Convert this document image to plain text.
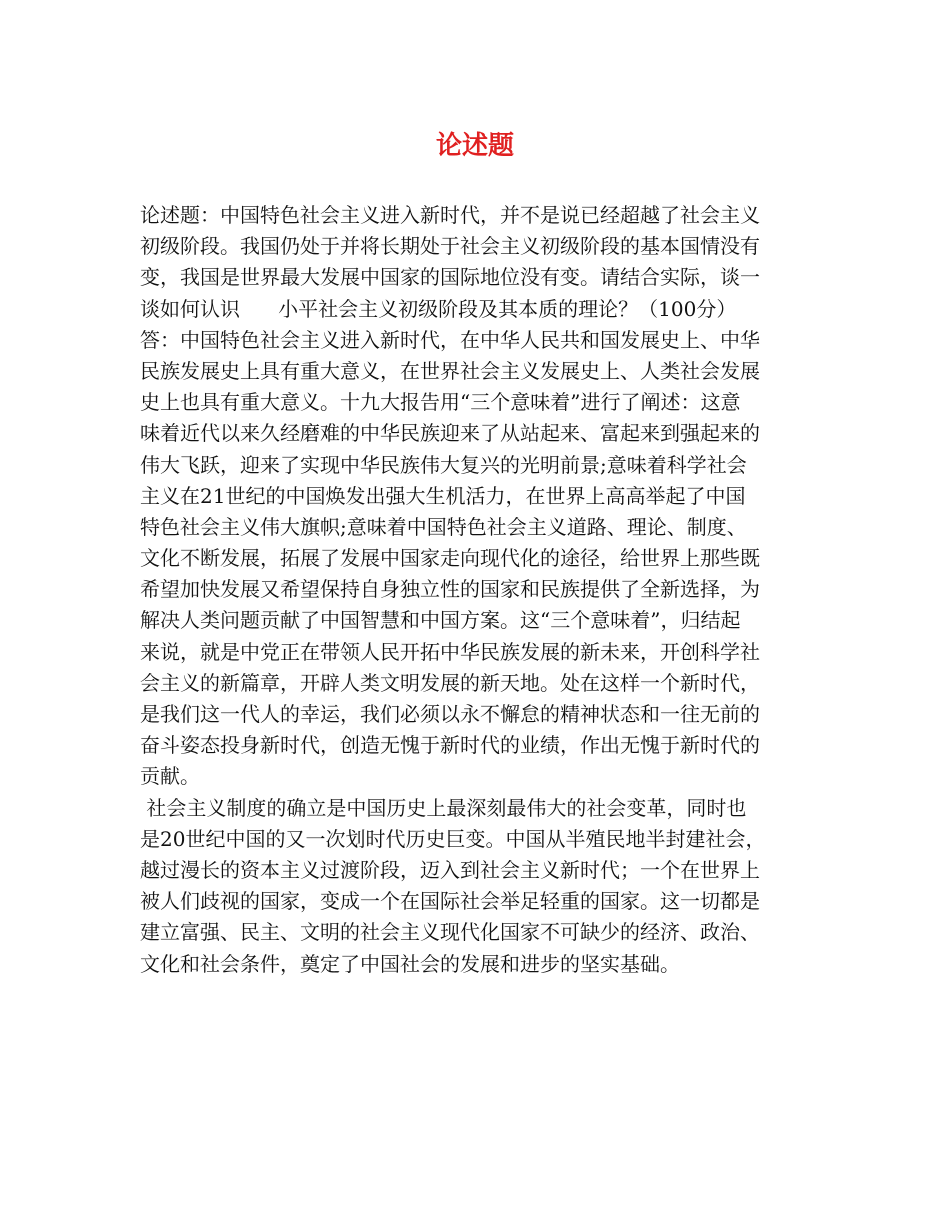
论述题
论述题：中国特色社会主义进入新时代，并不是说已经超越了社会主义
初级阶段。我国仍处于并将长期处于社会主义初级阶段的基本国情没有
变，我国是世界最大发展中国家的国际地位没有变。请结合实际，谈一
谈如何认识      小平社会主义初级阶段及其本质的理论？（100分）
答：中国特色社会主义进入新时代，在中华人民共和国发展史上、中华
民族发展史上具有重大意义，在世界社会主义发展史上、人类社会发展
史上也具有重大意义。十九大报告用“三个意味着”进行了阐述：这意
味着近代以来久经磨难的中华民族迎来了从站起来、富起来到强起来的
伟大飞跃，迎来了实现中华民族伟大复兴的光明前景;意味着科学社会
主义在21世纪的中国焕发出强大生机活力，在世界上高高举起了中国
特色社会主义伟大旗帜;意味着中国特色社会主义道路、理论、制度、
文化不断发展，拓展了发展中国家走向现代化的途径，给世界上那些既
希望加快发展又希望保持自身独立性的国家和民族提供了全新选择，为
解决人类问题贡献了中国智慧和中国方案。这“三个意味着”，归结起
来说，就是中党正在带领人民开拓中华民族发展的新未来，开创科学社
会主义的新篇章，开辟人类文明发展的新天地。处在这样一个新时代，
是我们这一代人的幸运，我们必须以永不懈怠的精神状态和一往无前的
奋斗姿态投身新时代，创造无愧于新时代的业绩，作出无愧于新时代的
贡献。
社会主义制度的确立是中国历史上最深刻最伟大的社会变革，同时也
是20世纪中国的又一次划时代历史巨变。中国从半殖民地半封建社会，
越过漫长的资本主义过渡阶段，迈入到社会主义新时代；一个在世界上
被人们歧视的国家，变成一个在国际社会举足轻重的国家。这一切都是
建立富强、民主、文明的社会主义现代化国家不可缺少的经济、政治、
文化和社会条件，奠定了中国社会的发展和进步的坚实基础。
